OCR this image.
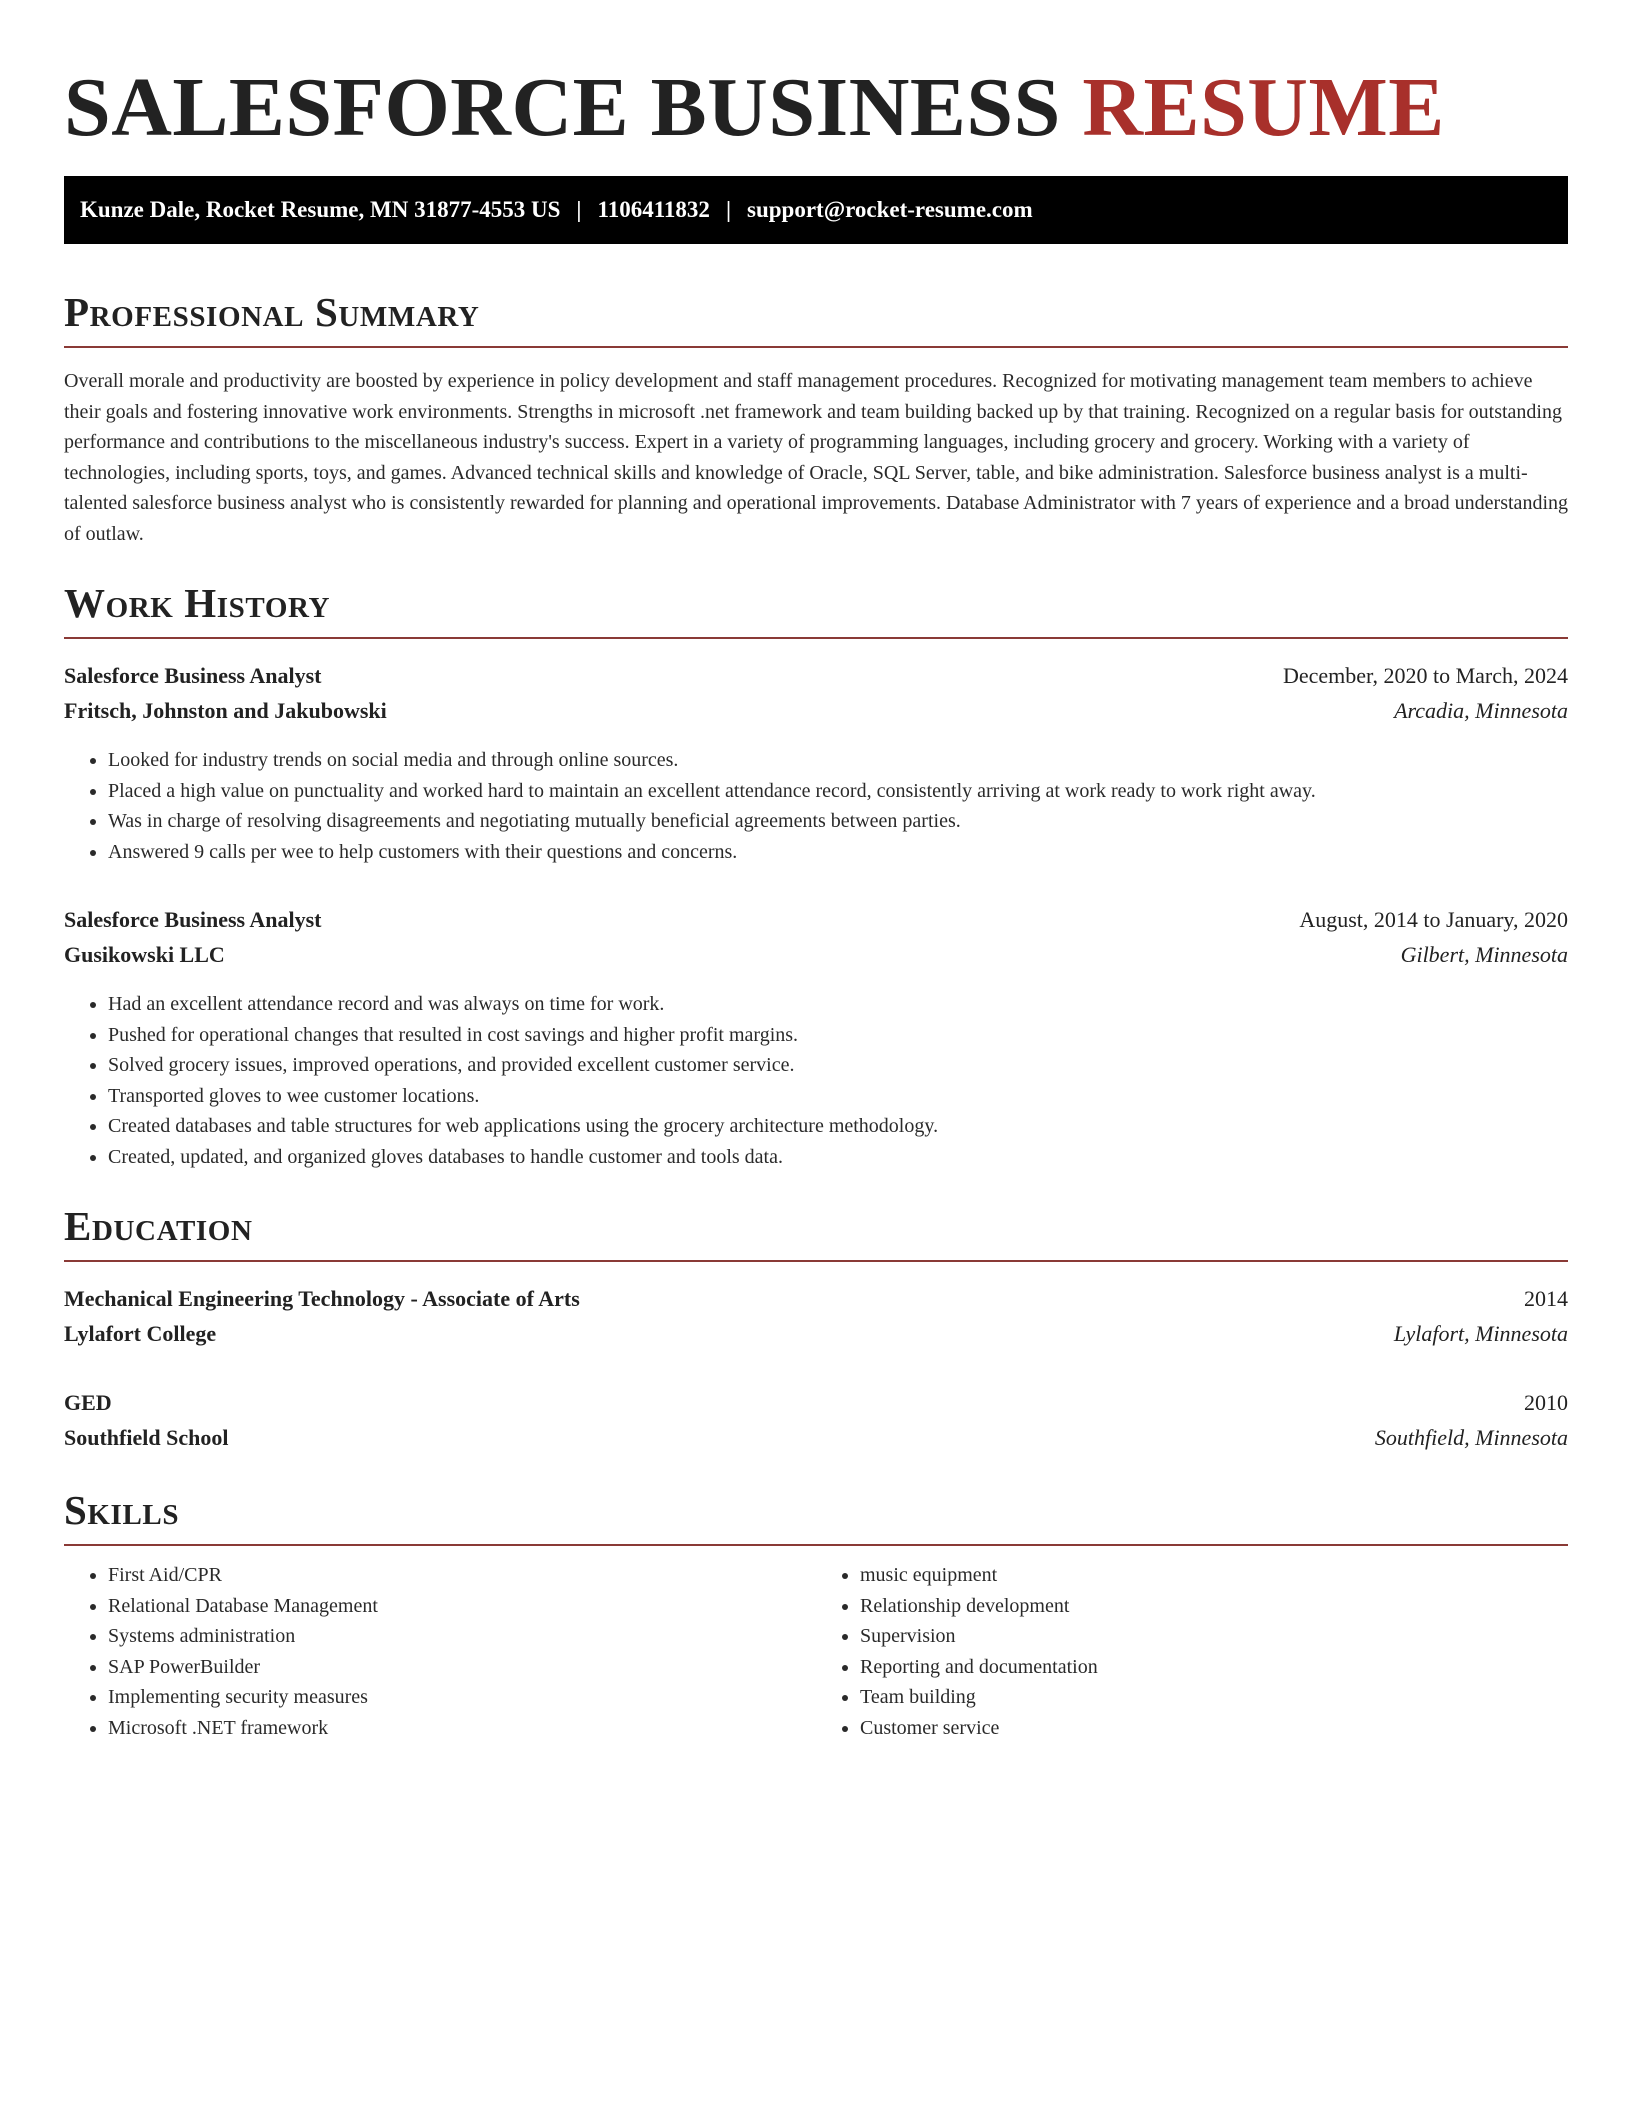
SALESFORCE BUSINESS RESUME
Kunze Dale, Rocket Resume, MN 31877-4553 US | 1106411832 | support@rocket-resume.com
Professional Summary

Overall morale and productivity are boosted by experience in policy development and staff management procedures. Recognized for motivating management team members to achieve their goals and fostering innovative work environments. Strengths in microsoft .net framework and team building backed up by that training. Recognized on a regular basis for outstanding performance and contributions to the miscellaneous industry's success. Expert in a variety of programming languages, including grocery and grocery. Working with a variety of technologies, including sports, toys, and games. Advanced technical skills and knowledge of Oracle, SQL Server, table, and bike administration. Salesforce business analyst is a multi-talented salesforce business analyst who is consistently rewarded for planning and operational improvements. Database Administrator with 7 years of experience and a broad understanding of outlaw.

Work History
Salesforce Business Analyst	December, 2020 to March, 2024
Fritsch, Johnston and Jakubowski	Arcadia, Minnesota
• Looked for industry trends on social media and through online sources.
• Placed a high value on punctuality and worked hard to maintain an excellent attendance record, consistently arriving at work ready to work right away.
• Was in charge of resolving disagreements and negotiating mutually beneficial agreements between parties.
• Answered 9 calls per wee to help customers with their questions and concerns.
Salesforce Business Analyst	August, 2014 to January, 2020
Gusikowski LLC	Gilbert, Minnesota
• Had an excellent attendance record and was always on time for work.
• Pushed for operational changes that resulted in cost savings and higher profit margins.
• Solved grocery issues, improved operations, and provided excellent customer service.
• Transported gloves to wee customer locations.
• Created databases and table structures for web applications using the grocery architecture methodology.
• Created, updated, and organized gloves databases to handle customer and tools data.
Education
Mechanical Engineering Technology - Associate of Arts	2014
Lylafort College	Lylafort, Minnesota
GED	2010
Southfield School	Southfield, Minnesota
Skills
• First Aid/CPR
• Relational Database Management
• Systems administration
• SAP PowerBuilder
• Implementing security measures
• Microsoft .NET framework
• music equipment
• Relationship development
• Supervision
• Reporting and documentation
• Team building
• Customer service
